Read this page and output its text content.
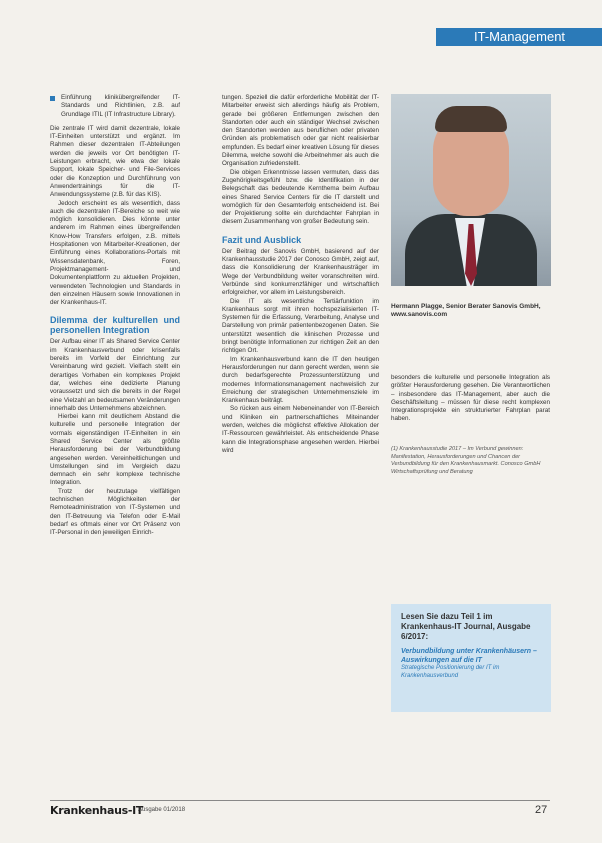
IT-Management
Einführung klinikübergreifender IT-Standards und Richtlinien, z.B. auf Grundlage ITIL (IT Infrastructure Library).

Die zentrale IT wird damit dezentrale, lokale IT-Einheiten unterstützt und ergänzt. Im Rahmen dieser dezentralen IT-Abteilungen werden die jeweils vor Ort benötigten IT-Leistungen erbracht, wie etwa der lokale Support, lokale Speicher- und File-Services oder die Konzeption und Durchführung von Anwendertrainings für die IT-Anwendungssysteme (z.B. für das KIS).

Jedoch erscheint es als wesentlich, dass auch die dezentralen IT-Bereiche so weit wie möglich konsolidieren. Dies könnte unter anderem im Rahmen eines übergreifenden Know-How Transfers erfolgen, z.B. mittels Hospitationen von Mitarbeiter-Kreationen, der Einführung eines Kollaborations-Portals mit Wissensdatenbank, Foren, Projektmanagement- und Dokumentenplattform zu aktuellen Projekten, verwendeten Technologien und Standards in den einzelnen Häusern sowie Innovationen in der Krankenhaus-IT.

Dilemma der kulturellen und personellen Integration

Der Aufbau einer IT als Shared Service Center im Krankenhausverbund oder krisenfalls bereits im Vorfeld der Einrichtung zur Vereinbarung wird gezielt. Vielfach stellt ein derartiges Vorhaben ein komplexes Projekt dar, welches eine dedizierte Planung voraussetzt und sich die bereits in der Regel eine Vielzahl an bedeutsamen Veränderungen innerhalb des Unternehmens abzeichnen.

Hierbei kann mit deutlichem Abstand die kulturelle und personelle Integration der vormals eigenständigen IT-Einheiten in ein Shared Service Center als größte Herausforderung bei der Verbundbildung angesehen werden. Vereinheitlichungen und Umstellungen sind im Vergleich dazu demnach ein sehr komplexe technische Integration.

Trotz der heutzutage vielfältigen technischen Möglichkeiten der Remoteadministration von IT-Systemen und den IT-Betreuung via Telefon oder E-Mail bedarf es oftmals einer vor Ort Präsenz von IT-Personal in den jeweiligen Einrich-

tungen. Speziell die dafür erforderliche Mobilität der IT-Mitarbeiter erweist sich allerdings häufig als Problem, gerade bei größeren Entfernungen zwischen den Standorten oder auch ein ständiger Wechsel zwischen den Standorten werden aus beruflichen oder privaten Gründen als problematisch oder gar nicht realisierbar empfunden. Es bedarf einer kreativen Lösung für dieses Dilemma, welche sowohl die Arbeitnehmer als auch die Organisation zufriedenstellt.

Die obigen Erkenntnisse lassen vermuten, dass das Zugehörigkeitsgefühl bzw. die Identifikation in der Belegschaft das bedeutende Kernthema beim Aufbau eines Shared Service Centers für die IT darstellt und womöglich für den Gesamterfolg entscheidend ist. Bei der Projektierung sollte ein durchdachter Fahrplan in diesem Zusammenhang von großer Bedeutung sein.

Fazit und Ausblick

Der Beitrag der Sanovis GmbH, basierend auf der Krankenhausstudie 2017 der Conosco GmbH, zeigt auf, dass die Konsolidierung der Krankenhausträger im Wege der Verbundbildung weiter voranschreiten wird. Verbünde sind konkurrenzfähiger und wirtschaftlich erfolgreicher, vor allem im Leistungsbereich.

Die IT als wesentliche Tertiärfunktion im Krankenhaus sorgt mit ihren hochspezialisierten IT-Systemen für die Erfassung, Verarbeitung, Analyse und Darstellung von primär patientenbezogenen Daten. Sie unterstützt wesentlich die klinischen Prozesse und bringt benötigte Informationen zur richtigen Zeit an den richtigen Ort.

Im Krankenhausverbund kann die IT den heutigen Herausforderungen nur dann gerecht werden, wenn sie durch bedarfsgerechte Prozessunterstützung und modernes Informationsmanagement nachweislich zur Erreichung der strategischen Unternehmensziele im Krankenhaus beiträgt.

So rücken aus einem Nebeneinander von IT-Bereich und Kliniken ein partnerschaftliches Miteinander werden, welches die möglichst effektive Allokation der IT-Ressourcen gewährleistet. Als entscheidende Phase kann die Integrationsphase angesehen werden. Hierbei wird

Hermann Plagge, Senior Berater Sanovis GmbH, www.sanovis.com

besonders die kulturelle und personelle Integration als größter Herausforderung gesehen. Die Verantwortlichen – insbesondere das IT-Management, aber auch die Geschäftsleitung – müssen für diese recht komplexen Integrationsprojekte ein strukturierter Fahrplan parat haben.

(1) Krankenhausstudie 2017 – Im Verbund gewinnen: Manifestation, Herausforderungen und Chancen der Verbundbildung für den Krankenhausmarkt. Conosco GmbH Wirtschaftsprüfung und Beratung
Lesen Sie dazu Teil 1 im Krankenhaus-IT Journal, Ausgabe 6/2017:
Verbundbildung unter Krankenhäusern – Auswirkungen auf die IT
Strategische Positionierung der IT im Krankenhausverbund
Krankenhaus-IT
Ausgabe 01/2018	27
